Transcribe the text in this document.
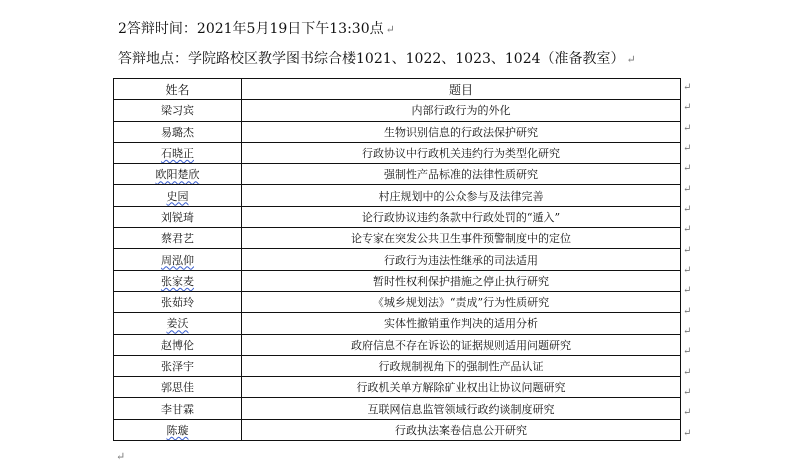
2答辩时间：2021年5月19日下午13:30点 ↵
答辩地点：学院路校区教学图书综合楼1021、1022、1023、1024（准备教室） ↵
姓名	题目
梁习宾	内部行政行为的外化
易璐杰	生物识别信息的行政法保护研究
石晓正	行政协议中行政机关违约行为类型化研究
欧阳楚欣	强制性产品标准的法律性质研究
史园	村庄规划中的公众参与及法律完善
刘锐琦	论行政协议违约条款中行政处罚的“遁入”
蔡君艺	论专家在突发公共卫生事件预警制度中的定位
周泓仰	行政行为违法性继承的司法适用
张家麦	暂时性权利保护措施之停止执行研究
张茹玲	《城乡规划法》“责成”行为性质研究
姜沃	实体性撤销重作判决的适用分析
赵博伦	政府信息不存在诉讼的证据规则适用问题研究
张泽宇	行政规制视角下的强制性产品认证
郭思佳	行政机关单方解除矿业权出让协议问题研究
李甘霖	互联网信息监管领域行政约谈制度研究
陈璇	行政执法案卷信息公开研究
↵
↵
↵
↵
↵
↵
↵
↵
↵
↵
↵
↵
↵
↵
↵
↵
↵
↵
↵
